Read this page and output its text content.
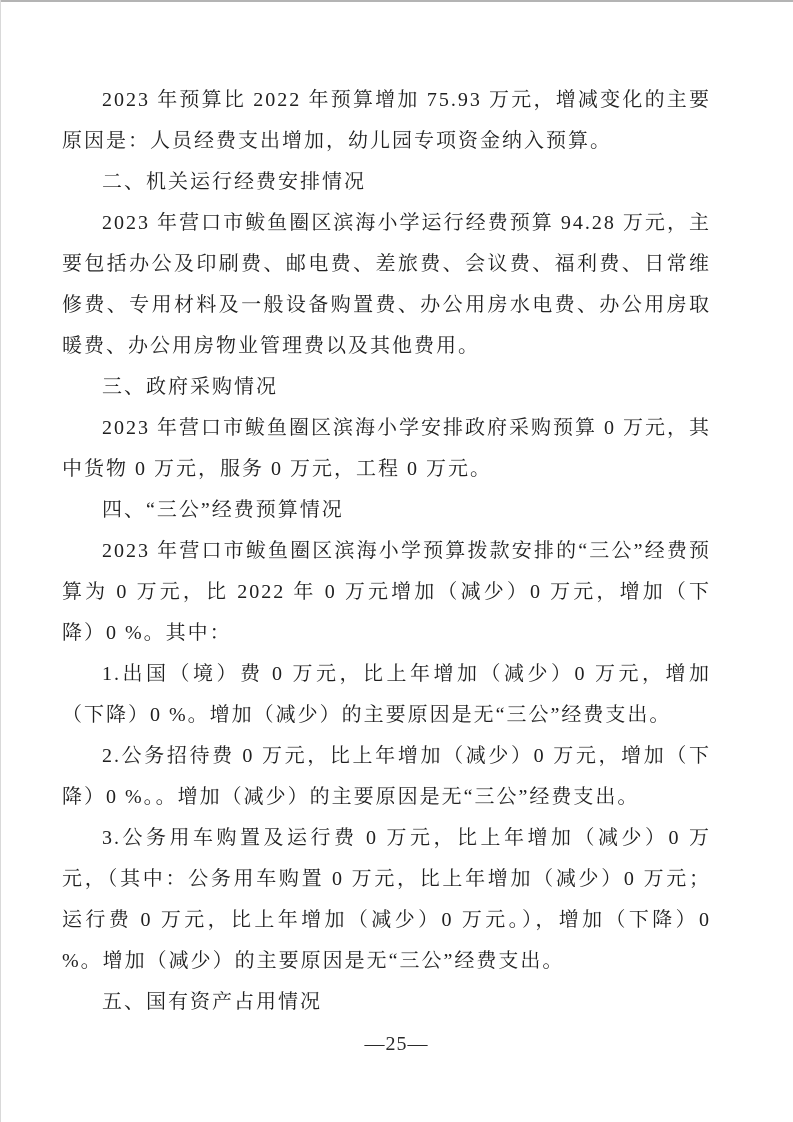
2023 年预算比 2022 年预算增加 75.93 万元，增减变化的主要原因是：人员经费支出增加，幼儿园专项资金纳入预算。

二、机关运行经费安排情况

2023 年营口市鲅鱼圈区滨海小学运行经费预算 94.28 万元，主要包括办公及印刷费、邮电费、差旅费、会议费、福利费、日常维修费、专用材料及一般设备购置费、办公用房水电费、办公用房取暖费、办公用房物业管理费以及其他费用。

三、政府采购情况

2023 年营口市鲅鱼圈区滨海小学安排政府采购预算 0 万元，其中货物 0 万元，服务 0 万元，工程 0 万元。

四、“三公”经费预算情况

2023 年营口市鲅鱼圈区滨海小学预算拨款安排的“三公”经费预算为 0 万元，比 2022 年 0 万元增加（减少）0 万元，增加（下降）0 %。其中：

1.出国（境）费 0 万元，比上年增加（减少）0 万元，增加（下降）0 %。增加（减少）的主要原因是无“三公”经费支出。

2.公务招待费 0 万元，比上年增加（减少）0 万元，增加（下降）0 %。。增加（减少）的主要原因是无“三公”经费支出。

3.公务用车购置及运行费 0 万元，比上年增加（减少）0 万元，（其中：公务用车购置 0 万元，比上年增加（减少）0 万元；运行费 0 万元，比上年增加（减少）0 万元。），增加（下降）0 %。增加（减少）的主要原因是无“三公”经费支出。

五、国有资产占用情况
—25—
